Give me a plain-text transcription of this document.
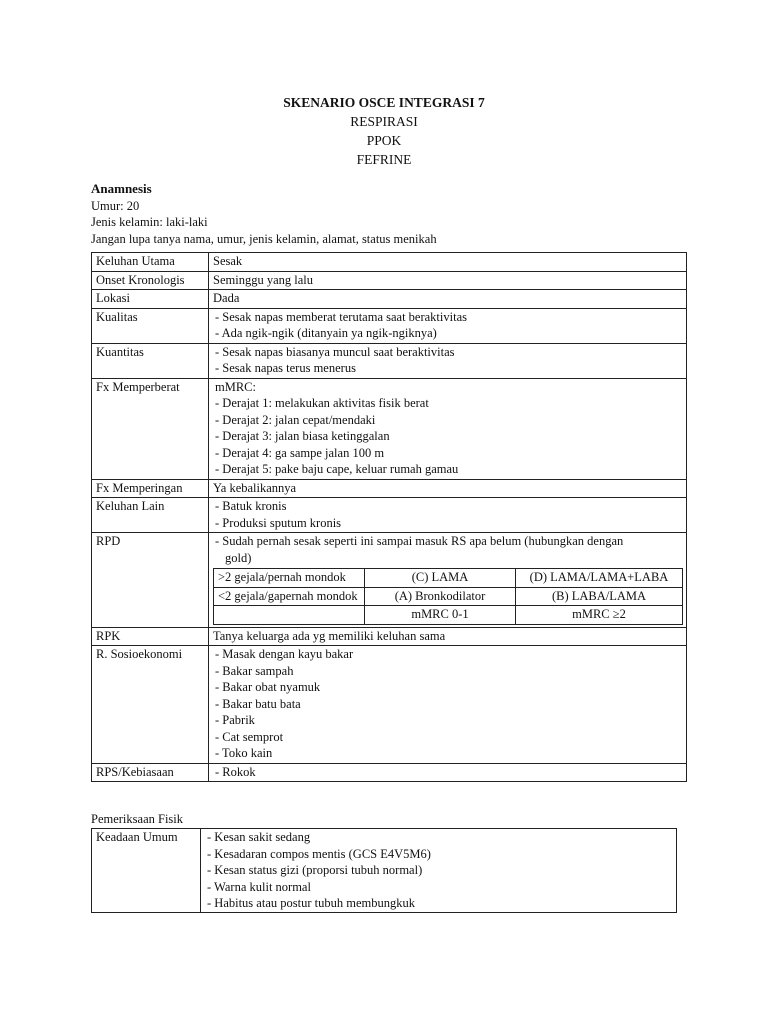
SKENARIO OSCE INTEGRASI 7
RESPIRASI
PPOK
FEFRINE
Anamnesis
Umur: 20
Jenis kelamin: laki-laki
Jangan lupa tanya nama, umur, jenis kelamin, alamat, status menikah
Keluhan Utama	Sesak
Onset Kronologis	Seminggu yang lalu
Lokasi	Dada
Kualitas	- Sesak napas memberat terutama saat beraktivitas
- Ada ngik-ngik (ditanyain ya ngik-ngiknya)

Kuantitas	- Sesak napas biasanya muncul saat beraktivitas
- Sesak napas terus menerus

Fx Memperberat	mMRC:
- Derajat 1: melakukan aktivitas fisik berat
- Derajat 2: jalan cepat/mendaki
- Derajat 3: jalan biasa ketinggalan
- Derajat 4: ga sampe jalan 100 m
- Derajat 5: pake baju cape, keluar rumah gamau

Fx Memperingan	Ya kebalikannya
Keluhan Lain	- Batuk kronis
- Produksi sputum kronis

RPD	- Sudah pernah sesak seperti ini sampai masuk RS apa belum (hubungkan dengan
gold)
>2 gejala/pernah mondok	(C) LAMA	(D) LAMA/LAMA+LABA
<2 gejala/gapernah mondok	(A) Bronkodilator	(B) LABA/LAMA
	mMRC 0-1	mMRC ≥2

RPK	Tanya keluarga ada yg memiliki keluhan sama
R. Sosioekonomi	- Masak dengan kayu bakar
- Bakar sampah
- Bakar obat nyamuk
- Bakar batu bata
- Pabrik
- Cat semprot
- Toko kain

RPS/Kebiasaan	- Rokok
Pemeriksaan Fisik
Keadaan Umum	- Kesan sakit sedang
- Kesadaran compos mentis (GCS E4V5M6)
- Kesan status gizi (proporsi tubuh normal)
- Warna kulit normal
- Habitus atau postur tubuh membungkuk
